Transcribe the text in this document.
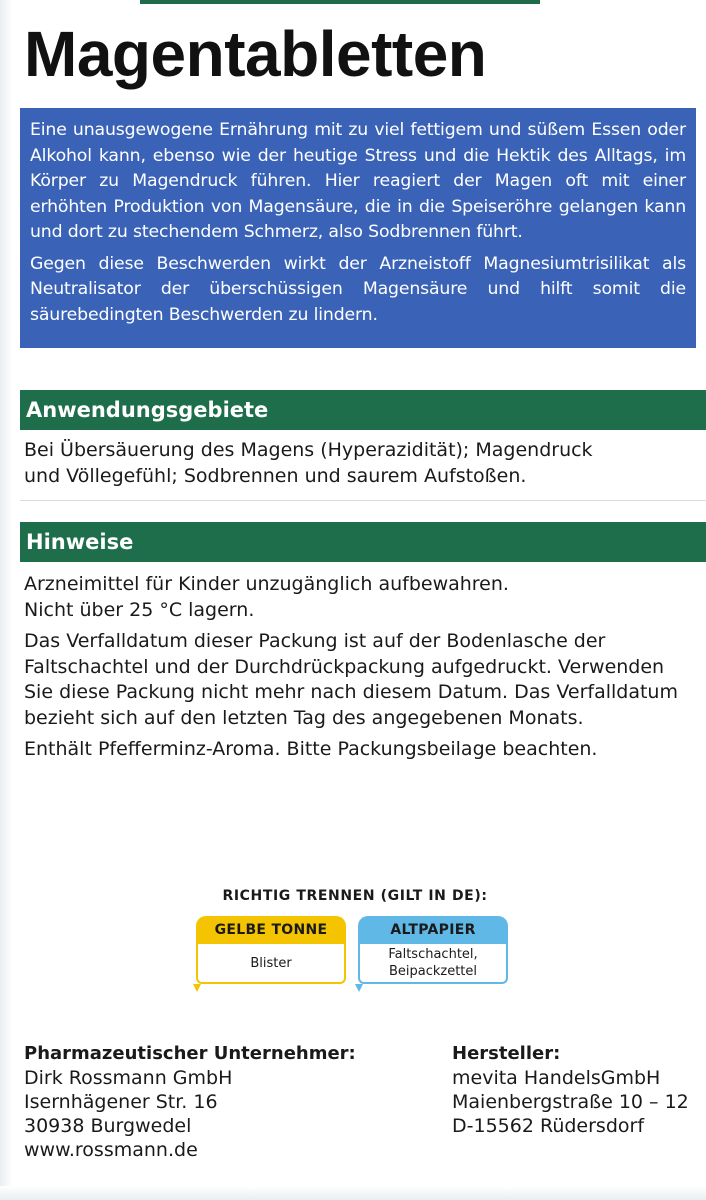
Magentabletten

Eine unausgewogene Ernährung mit zu viel fettigem und süßem Essen oder Alkohol kann, ebenso wie der heutige Stress und die Hektik des Alltags, im Körper zu Magendruck führen. Hier reagiert der Magen oft mit einer erhöhten Produktion von Magensäure, die in die Speiseröhre gelangen kann und dort zu stechendem Schmerz, also Sodbrennen führt.

Gegen diese Beschwerden wirkt der Arzneistoff Magnesiumtrisilikat als Neutralisator der überschüssigen Magensäure und hilft somit die säurebedingten Beschwerden zu lindern.

Anwendungsgebiete

Bei Übersäuerung des Magens (Hyperazidität); Magendruck und Völlegefühl; Sodbrennen und saurem Aufstoßen.

Hinweise

Arzneimittel für Kinder unzugänglich aufbewahren.

Nicht über 25 °C lagern.

Das Verfalldatum dieser Packung ist auf der Bodenlasche der Faltschachtel und der Durchdrückpackung aufgedruckt. Verwenden Sie diese Packung nicht mehr nach diesem Datum. Das Verfalldatum bezieht sich auf den letzten Tag des angegebenen Monats.

Enthält Pfefferminz-Aroma. Bitte Packungsbeilage beachten.

RICHTIG TRENNEN (GILT IN DE):
GELBE TONNE
Blister
ALTPAPIER
Faltschachtel,
Beipackzettel
Pharmazeutischer Unternehmer:
Dirk Rossmann GmbH
Isernhägener Str. 16
30938 Burgwedel
www.rossmann.de
Hersteller:
mevita HandelsGmbH
Maienbergstraße 10 – 12
D-15562 Rüdersdorf
